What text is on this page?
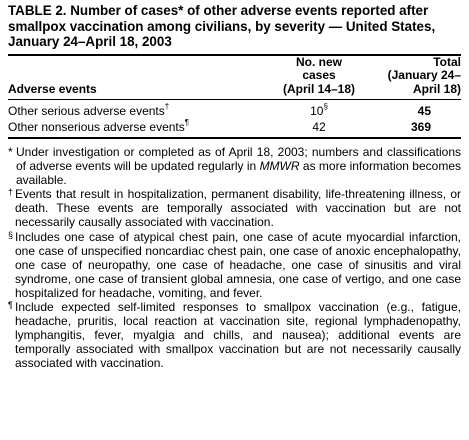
TABLE 2. Number of cases* of other adverse events reported after smallpox vaccination among civilians, by severity — United States, January 24–April 18, 2003

Adverse events	
No. new
cases
(April 14–18)

Total
(January 24–
April 18)
Other serious adverse events†	10§	45
Other nonserious adverse events¶	42	369
* Under investigation or completed as of April 18, 2003; numbers and classifications of adverse events will be updated regularly in MMWR as more information becomes available.
† Events that result in hospitalization, permanent disability, life-threatening illness, or death. These events are temporally associated with vaccination but are not necessarily causally associated with vaccination.
§ Includes one case of atypical chest pain, one case of acute myocardial infarction, one case of unspecified noncardiac chest pain, one case of anoxic encephalopathy, one case of neuropathy, one case of headache, one case of sinusitis and viral syndrome, one case of transient global amnesia, one case of vertigo, and one case hospitalized for headache, vomiting, and fever.
¶ Include expected self-limited responses to smallpox vaccination (e.g., fatigue, headache, pruritis, local reaction at vaccination site, regional lymphadenopathy, lymphangitis, fever, myalgia and chills, and nausea); additional events are temporally associated with smallpox vaccination but are not necessarily causally associated with vaccination.
